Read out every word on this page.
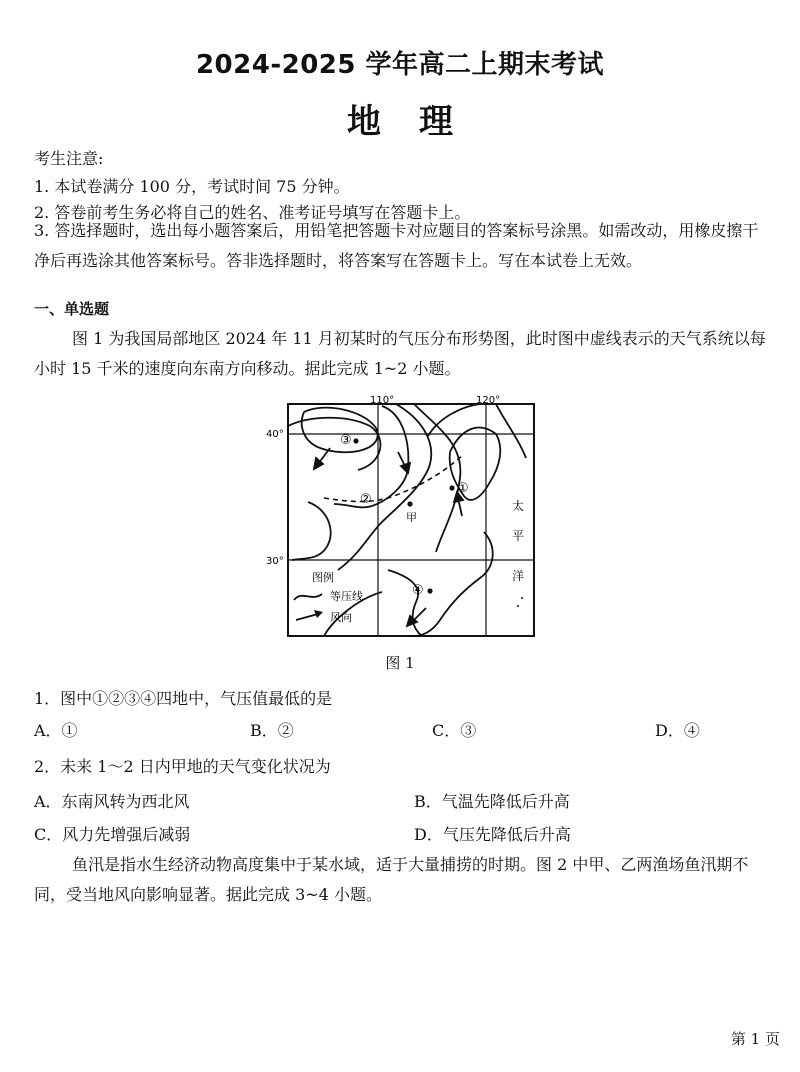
2024-2025 学年高二上期末考试
地理
考生注意:
1. 本试卷满分 100 分，考试时间 75 分钟。
2. 答卷前考生务必将自己的姓名、准考证号填写在答题卡上。
3. 答选择题时，选出每小题答案后，用铅笔把答题卡对应题目的答案标号涂黑。如需改动，用橡皮擦干净后再选涂其他答案标号。答非选择题时，将答案写在答题卡上。写在本试卷上无效。
一、单选题
图 1 为我国局部地区 2024 年 11 月初某时的气压分布形势图，此时图中虚线表示的天气系统以每小时 15 千米的速度向东南方向移动。据此完成 1~2 小题。
110°	120°
40°
30°
③
②
甲
①
④
太
平
洋
图例
等压线
风向
图 1
1．图中①②③④四地中，气压值最低的是
A．①	B．②	C．③	D．④
2．未来 1～2 日内甲地的天气变化状况为
A．东南风转为西北风	B．气温先降低后升高
C．风力先增强后减弱	D．气压先降低后升高
鱼汛是指水生经济动物高度集中于某水域，适于大量捕捞的时期。图 2 中甲、乙两渔场鱼汛期不同，受当地风向影响显著。据此完成 3~4 小题。
第 1 页
